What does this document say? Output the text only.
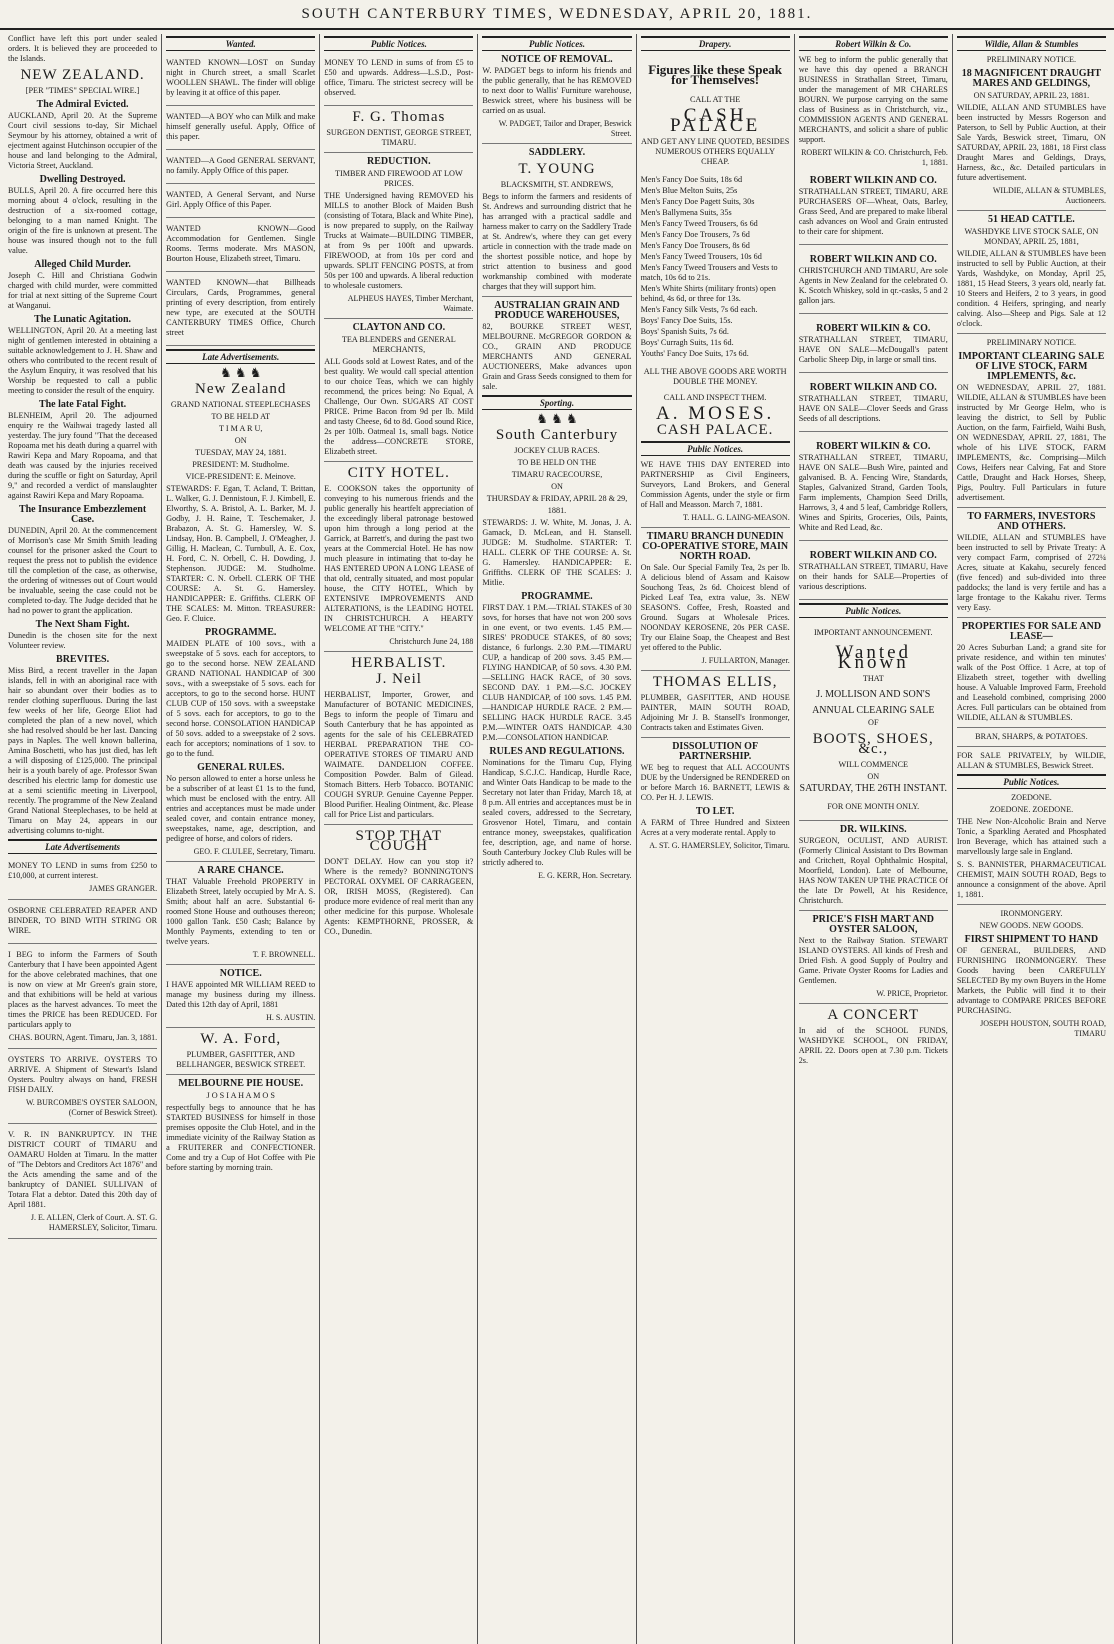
SOUTH CANTERBURY TIMES, WEDNESDAY, APRIL 20, 1881.

Conflict have left this port under sealed orders. It is believed they are proceeded to the Islands.

NEW ZEALAND.
[PER "TIMES" SPECIAL WIRE.]
The Admiral Evicted.

AUCKLAND, April 20. At the Supreme Court civil sessions to-day, Sir Michael Seymour by his attorney, obtained a writ of ejectment against Hutchinson occupier of the house and land belonging to the Admiral, Victoria Street, Auckland.

Dwelling Destroyed.

BULLS, April 20. A fire occurred here this morning about 4 o'clock, resulting in the destruction of a six-roomed cottage, belonging to a man named Knight. The origin of the fire is unknown at present. The house was insured though not to the full value.

Alleged Child Murder.

Joseph C. Hill and Christiana Godwin charged with child murder, were committed for trial at next sitting of the Supreme Court at Wanganui.

The Lunatic Agitation.

WELLINGTON, April 20. At a meeting last night of gentlemen interested in obtaining a suitable acknowledgement to J. H. Shaw and others who contributed to the recent result of the Asylum Enquiry, it was resolved that his Worship be requested to call a public meeting to consider the result of the enquiry.

The late Fatal Fight.

BLENHEIM, April 20. The adjourned enquiry re the Waihwai tragedy lasted all yesterday. The jury found "That the deceased Ropoama met his death during a quarrel with Rawiri Kepa and Mary Ropoama, and that death was caused by the injuries received during the scuffle or fight on Saturday, April 9," and recorded a verdict of manslaughter against Rawiri Kepa and Mary Ropoama.

The Insurance Embezzlement Case.

DUNEDIN, April 20. At the commencement of Morrison's case Mr Smith Smith leading counsel for the prisoner asked the Court to request the press not to publish the evidence till the completion of the case, as otherwise, the ordering of witnesses out of Court would be invaluable, seeing the case could not be completed to-day. The Judge decided that he had no power to grant the application.

The Next Sham Fight.

Dunedin is the chosen site for the next Volunteer review.

BREVITES.

Miss Bird, a recent traveller in the Japan islands, fell in with an aboriginal race with hair so abundant over their bodies as to render clothing superfluous. During the last few weeks of her life, George Eliot had completed the plan of a new novel, which she had resolved should be her last. Dancing pays in Naples. The well known ballerina, Amina Boschetti, who has just died, has left a will disposing of £125,000. The principal heir is a youth barely of age. Professor Swan described his electric lamp for domestic use at a semi scientific meeting in Liverpool, recently. The programme of the New Zealand Grand National Steeplechases, to be held at Timaru on May 24, appears in our advertising columns to-night.

Late Advertisements

MONEY TO LEND in sums from £250 to £10,000, at current interest.

JAMES GRANGER.

OSBORNE CELEBRATED REAPER AND BINDER, TO BIND WITH STRING OR WIRE.

I BEG to inform the Farmers of South Canterbury that I have been appointed Agent for the above celebrated machines, that one is now on view at Mr Green's grain store, and that exhibitions will be held at various places as the harvest advances. To meet the times the PRICE has been REDUCED. For particulars apply to

CHAS. BOURN, Agent. Timaru, Jan. 3, 1881.

OYSTERS TO ARRIVE. OYSTERS TO ARRIVE. A Shipment of Stewart's Island Oysters. Poultry always on hand, FRESH FISH DAILY.

W. BURCOMBE'S OYSTER SALOON, (Corner of Beswick Street).

V. R. IN BANKRUPTCY. IN THE DISTRICT COURT of TIMARU and OAMARU Holden at Timaru. In the matter of "The Debtors and Creditors Act 1876" and the Acts amending the same and of the bankruptcy of DANIEL SULLIVAN of Totara Flat a debtor. Dated this 20th day of April 1881.

J. E. ALLEN, Clerk of Court. A. ST. G. HAMERSLEY, Solicitor, Timaru.
Wanted.

WANTED KNOWN—LOST on Sunday night in Church street, a small Scarlet WOOLLEN SHAWL. The finder will oblige by leaving it at office of this paper.

WANTED—A BOY who can Milk and make himself generally useful. Apply, Office of this paper.

WANTED—A Good GENERAL SERVANT, no family. Apply Office of this paper.

WANTED, A General Servant, and Nurse Girl. Apply Office of this Paper.

WANTED KNOWN—Good Accommodation for Gentlemen. Single Rooms. Terms moderate. Mrs MASON, Bourton House, Elizabeth street, Timaru.

WANTED KNOWN—that Billheads Circulars, Cards, Programmes, general printing of every description, from entirely new type, are executed at the SOUTH CANTERBURY TIMES Office, Church street

Late Advertisements.
♞ ♞ ♞
New Zealand
GRAND NATIONAL STEEPLECHASES
TO BE HELD AT
T I M A R U,
ON
TUESDAY, MAY 24, 1881.
PRESIDENT: M. Studholme.
VICE-PRESIDENT: E. Meinove.

STEWARDS: F. Egan, T. Acland, T. Brittan, L. Walker, G. J. Dennistoun, F. J. Kimbell, E. Elworthy, S. A. Bristol, A. L. Barker, M. J. Godby, J. H. Raine, T. Teschemaker, J. Brabazon, A. St. G. Hamersley, W. S. Lindsay, Hon. B. Campbell, J. O'Meagher, J. Gillig, H. Maclean, C. Turnbull, A. E. Cox, H. Ford, C. N. Orbell, C. H. Dowding, J. Stephenson. JUDGE: M. Studholme. STARTER: C. N. Orbell. CLERK OF THE COURSE: A. St. G. Hamersley. HANDICAPPER: E. Griffiths. CLERK OF THE SCALES: M. Mitton. TREASURER: Geo. F. Cluice.

PROGRAMME.

MAIDEN PLATE of 100 sovs., with a sweepstake of 5 sovs. each for acceptors, to go to the second horse. NEW ZEALAND GRAND NATIONAL HANDICAP of 300 sovs., with a sweepstake of 5 sovs. each for acceptors, to go to the second horse. HUNT CLUB CUP of 150 sovs. with a sweepstake of 5 sovs. each for acceptors, to go to the second horse. CONSOLATION HANDICAP of 50 sovs. added to a sweepstake of 2 sovs. each for acceptors; nominations of 1 sov. to go to the fund.

GENERAL RULES.

No person allowed to enter a horse unless he be a subscriber of at least £1 1s to the fund, which must be enclosed with the entry. All entries and acceptances must be made under sealed cover, and contain entrance money, sweepstakes, name, age, description, and pedigree of horse, and colors of riders.

GEO. F. CLULEE, Secretary, Timaru.
A RARE CHANCE.

THAT Valuable Freehold PROPERTY in Elizabeth Street, lately occupied by Mr A. S. Smith; about half an acre. Substantial 6-roomed Stone House and outhouses thereon; 1000 gallon Tank. £50 Cash; Balance by Monthly Payments, extending to ten or twelve years.

T. F. BROWNELL.
NOTICE.

I HAVE appointed MR WILLIAM REED to manage my business during my illness. Dated this 12th day of April, 1881

H. S. AUSTIN.
W. A. Ford,
PLUMBER, GASFITTER, AND BELLHANGER, BESWICK STREET.
MELBOURNE PIE HOUSE.
J O S I A H A M O S

respectfully begs to announce that he has STARTED BUSINESS for himself in those premises opposite the Club Hotel, and in the immediate vicinity of the Railway Station as a FRUITERER and CONFECTIONER. Come and try a Cup of Hot Coffee with Pie before starting by morning train.

Public Notices.

MONEY TO LEND in sums of from £5 to £50 and upwards. Address—L.S.D., Post-office, Timaru. The strictest secrecy will be observed.

F. G. Thomas
SURGEON DENTIST, GEORGE STREET, TIMARU.
REDUCTION.
TIMBER AND FIREWOOD AT LOW PRICES.

THE Undersigned having REMOVED his MILLS to another Block of Maiden Bush (consisting of Totara, Black and White Pine), is now prepared to supply, on the Railway Trucks at Waimate—BUILDING TIMBER, at from 9s per 100ft and upwards. FIREWOOD, at from 10s per cord and upwards. SPLIT FENCING POSTS, at from 50s per 100 and upwards. A liberal reduction to wholesale customers.

ALPHEUS HAYES, Timber Merchant, Waimate.
CLAYTON AND CO.
TEA BLENDERS and GENERAL MERCHANTS,

ALL Goods sold at Lowest Rates, and of the best quality. We would call special attention to our choice Teas, which we can highly recommend, the prices being: No Equal, A Challenge, Our Own. SUGARS AT COST PRICE. Prime Bacon from 9d per lb. Mild and tasty Cheese, 6d to 8d. Good sound Rice, 2s per 10lb. Oatmeal 1s, small bags. Notice the address—CONCRETE STORE, Elizabeth street.

CITY HOTEL.

E. COOKSON takes the opportunity of conveying to his numerous friends and the public generally his heartfelt appreciation of the exceedingly liberal patronage bestowed upon him through a long period at the Garrick, at Barrett's, and during the past two years at the Commercial Hotel. He has now much pleasure in intimating that to-day he HAS ENTERED UPON A LONG LEASE of that old, centrally situated, and most popular house, the CITY HOTEL, Which by EXTENSIVE IMPROVEMENTS AND ALTERATIONS, is the LEADING HOTEL IN CHRISTCHURCH. A HEARTY WELCOME AT THE "CITY."

Christchurch June 24, 188
HERBALIST.
J. Neil

HERBALIST, Importer, Grower, and Manufacturer of BOTANIC MEDICINES, Begs to inform the people of Timaru and South Canterbury that he has appointed as agents for the sale of his CELEBRATED HERBAL PREPARATION THE CO-OPERATIVE STORES OF TIMARU AND WAIMATE. DANDELION COFFEE. Composition Powder. Balm of Gilead. Stomach Bitters. Herb Tobacco. BOTANIC COUGH SYRUP. Genuine Cayenne Pepper. Blood Purifier. Healing Ointment, &c. Please call for Price List and particulars.

STOP THAT COUGH

DON'T DELAY. How can you stop it? Where is the remedy? BONNINGTON'S PECTORAL OXYMEL OF CARRAGEEN, OR, IRISH MOSS, (Registered). Can produce more evidence of real merit than any other medicine for this purpose. Wholesale Agents: KEMPTHORNE, PROSSER, & CO., Dunedin.

Public Notices.
NOTICE OF REMOVAL.

W. PADGET begs to inform his friends and the public generally, that he has REMOVED to next door to Wallis' Furniture warehouse, Beswick street, where his business will be carried on as usual.

W. PADGET, Tailor and Draper, Beswick Street.
SADDLERY.
T. YOUNG
BLACKSMITH, ST. ANDREWS,

Begs to inform the farmers and residents of St. Andrews and surrounding district that he has arranged with a practical saddle and harness maker to carry on the Saddlery Trade at St. Andrew's, where they can get every article in connection with the trade made on the shortest possible notice, and hope by strict attention to business and good workmanship combined with moderate charges that they will support him.

AUSTRALIAN GRAIN AND PRODUCE WAREHOUSES,

82, BOURKE STREET WEST, MELBOURNE. McGREGOR GORDON & CO., GRAIN AND PRODUCE MERCHANTS AND GENERAL AUCTIONEERS, Make advances upon Grain and Grass Seeds consigned to them for sale.

Sporting.
♞ ♞ ♞
South Canterbury
JOCKEY CLUB RACES.
TO BE HELD ON THE
TIMARU RACECOURSE,
ON
THURSDAY & FRIDAY, APRIL 28 & 29,
1881.

STEWARDS: J. W. White, M. Jonas, J. A. Gamack, D. McLean, and H. Stansell. JUDGE: M. Studholme. STARTER: T. HALL. CLERK OF THE COURSE: A. St. G. Hamersley. HANDICAPPER: E. Griffiths. CLERK OF THE SCALES: J. Mitlie.

PROGRAMME.

FIRST DAY. 1 P.M.—TRIAL STAKES of 30 sovs, for horses that have not won 200 sovs in one event, or two events. 1.45 P.M.—SIRES' PRODUCE STAKES, of 80 sovs; distance, 6 furlongs. 2.30 P.M.—TIMARU CUP, a handicap of 200 sovs. 3.45 P.M.—FLYING HANDICAP, of 50 sovs. 4.30 P.M.—SELLING HACK RACE, of 30 sovs. SECOND DAY. 1 P.M.—S.C. JOCKEY CLUB HANDICAP, of 100 sovs. 1.45 P.M.—HANDICAP HURDLE RACE. 2 P.M.—SELLING HACK HURDLE RACE. 3.45 P.M.—WINTER OATS HANDICAP. 4.30 P.M.—CONSOLATION HANDICAP.

RULES AND REGULATIONS.

Nominations for the Timaru Cup, Flying Handicap, S.C.J.C. Handicap, Hurdle Race, and Winter Oats Handicap to be made to the Secretary not later than Friday, March 18, at 8 p.m. All entries and acceptances must be in sealed covers, addressed to the Secretary, Grosvenor Hotel, Timaru, and contain entrance money, sweepstakes, qualification fee, description, age, and name of horse. South Canterbury Jockey Club Rules will be strictly adhered to.

E. G. KERR, Hon. Secretary.
Drapery.
Figures like these Speak for Themselves!
CALL AT THE
CASH PALACE
AND GET ANY LINE QUOTED, BESIDES NUMEROUS OTHERS EQUALLY CHEAP.
Men's Fancy Doe Suits, 18s 6d
Men's Blue Melton Suits, 25s
Men's Fancy Doe Pagett Suits, 30s
Men's Ballymena Suits, 35s
Men's Fancy Tweed Trousers, 6s 6d
Men's Fancy Doe Trousers, 7s 6d
Men's Fancy Doe Trousers, 8s 6d
Men's Fancy Tweed Trousers, 10s 6d
Men's Fancy Tweed Trousers and Vests to match, 10s 6d to 21s.
Men's White Shirts (military fronts) open behind, 4s 6d, or three for 13s.
Men's Fancy Silk Vests, 7s 6d each.
Boys' Fancy Doe Suits, 15s.
Boys' Spanish Suits, 7s 6d.
Boys' Curragh Suits, 11s 6d.
Youths' Fancy Doe Suits, 17s 6d.
ALL THE ABOVE GOODS ARE WORTH DOUBLE THE MONEY.
CALL AND INSPECT THEM.
A. MOSES.
CASH PALACE.
Public Notices.

WE HAVE THIS DAY ENTERED into PARTNERSHIP as Civil Engineers, Surveyors, Land Brokers, and General Commission Agents, under the style or firm of Hall and Measson. March 7, 1881.

T. HALL. G. LAING-MEASON.
TIMARU BRANCH DUNEDIN CO-OPERATIVE STORE, MAIN NORTH ROAD.

On Sale. Our Special Family Tea, 2s per lb. A delicious blend of Assam and Kaisow Souchong Teas, 2s 6d. Choicest blend of Picked Leaf Tea, extra value, 3s. NEW SEASON'S. Coffee, Fresh, Roasted and Ground. Sugars at Wholesale Prices. NOONDAY KEROSENE, 20s PER CASE. Try our Elaine Soap, the Cheapest and Best yet offered to the Public.

J. FULLARTON, Manager.
THOMAS ELLIS,

PLUMBER, GASFITTER, AND HOUSE PAINTER, MAIN SOUTH ROAD, Adjoining Mr J. B. Stansell's Ironmonger, Contracts taken and Estimates Given.

DISSOLUTION OF PARTNERSHIP.

WE beg to request that ALL ACCOUNTS DUE by the Undersigned be RENDERED on or before March 16. BARNETT, LEWIS & CO. Per H. J. LEWIS.

TO LET.

A FARM of Three Hundred and Sixteen Acres at a very moderate rental. Apply to

A. ST. G. HAMERSLEY, Solicitor, Timaru.
Robert Wilkin & Co.

WE beg to inform the public generally that we have this day opened a BRANCH BUSINESS in Strathallan Street, Timaru, under the management of MR CHARLES BOURN. We purpose carrying on the same class of Business as in Christchurch, viz., COMMISSION AGENTS AND GENERAL MERCHANTS, and solicit a share of public support.

ROBERT WILKIN & CO. Christchurch, Feb. 1, 1881.
ROBERT WILKIN AND CO.

STRATHALLAN STREET, TIMARU, ARE PURCHASERS OF—Wheat, Oats, Barley, Grass Seed, And are prepared to make liberal cash advances on Wool and Grain entrusted to their care for shipment.

ROBERT WILKIN AND CO.

CHRISTCHURCH AND TIMARU, Are sole Agents in New Zealand for the celebrated O. K. Scotch Whiskey, sold in qr.-casks, 5 and 2 gallon jars.

ROBERT WILKIN & CO.

STRATHALLAN STREET, TIMARU, HAVE ON SALE—McDougall's patent Carbolic Sheep Dip, in large or small tins.

ROBERT WILKIN AND CO.

STRATHALLAN STREET, TIMARU, HAVE ON SALE—Clover Seeds and Grass Seeds of all descriptions.

ROBERT WILKIN & CO.

STRATHALLAN STREET, TIMARU, HAVE ON SALE—Bush Wire, painted and galvanised. B. A. Fencing Wire, Standards, Staples, Galvanized Strand, Garden Tools, Farm implements, Champion Seed Drills, Harrows, 3, 4 and 5 leaf, Cambridge Rollers, Wines and Spirits, Groceries, Oils, Paints, White and Red Lead, &c.

ROBERT WILKIN AND CO.

STRATHALLAN STREET, TIMARU, Have on their hands for SALE—Properties of various descriptions.

Public Notices.
IMPORTANT ANNOUNCEMENT.
Wanted Known
THAT
J. MOLLISON AND SON'S
ANNUAL CLEARING SALE
OF
BOOTS, SHOES, &c.,
WILL COMMENCE
ON
SATURDAY, THE 26TH INSTANT.
FOR ONE MONTH ONLY.
DR. WILKINS.

SURGEON, OCULIST, AND AURIST. (Formerly Clinical Assistant to Drs Bowman and Critchett, Royal Ophthalmic Hospital, Moorfield, London). Late of Melbourne, HAS NOW TAKEN UP THE PRACTICE Of the late Dr Powell, At his Residence, Christchurch.

PRICE'S FISH MART AND OYSTER SALOON,

Next to the Railway Station. STEWART ISLAND OYSTERS. All kinds of Fresh and Dried Fish. A good Supply of Poultry and Game. Private Oyster Rooms for Ladies and Gentlemen.

W. PRICE, Proprietor.
A CONCERT

In aid of the SCHOOL FUNDS, WASHDYKE SCHOOL, ON FRIDAY, APRIL 22. Doors open at 7.30 p.m. Tickets 2s.

Wildie, Allan & Stumbles
PRELIMINARY NOTICE.
18 MAGNIFICENT DRAUGHT MARES AND GELDINGS,
ON SATURDAY, APRIL 23, 1881.

WILDIE, ALLAN AND STUMBLES have been instructed by Messrs Rogerson and Paterson, to Sell by Public Auction, at their Sale Yards, Beswick street, Timaru, ON SATURDAY, APRIL 23, 1881, 18 First class Draught Mares and Geldings, Drays, Harness, &c., &c. Detailed particulars in future advertisement.

WILDIE, ALLAN & STUMBLES, Auctioneers.
51 HEAD CATTLE.
WASHDYKE LIVE STOCK SALE, ON MONDAY, APRIL 25, 1881,

WILDIE, ALLAN & STUMBLES have been instructed to sell by Public Auction, at their Yards, Washdyke, on Monday, April 25, 1881, 15 Head Steers, 3 years old, nearly fat. 10 Steers and Heifers, 2 to 3 years, in good condition. 4 Heifers, springing, and nearly calving. Also—Sheep and Pigs. Sale at 12 o'clock.

PRELIMINARY NOTICE.
IMPORTANT CLEARING SALE OF LIVE STOCK, FARM IMPLEMENTS, &c.

ON WEDNESDAY, APRIL 27, 1881. WILDIE, ALLAN & STUMBLES have been instructed by Mr George Helm, who is leaving the district, to Sell by Public Auction, on the farm, Fairfield, Waihi Bush, ON WEDNESDAY, APRIL 27, 1881, The whole of his LIVE STOCK, FARM IMPLEMENTS, &c. Comprising—Milch Cows, Heifers near Calving, Fat and Store Cattle, Draught and Hack Horses, Sheep, Pigs, Poultry. Full Particulars in future advertisement.

TO FARMERS, INVESTORS AND OTHERS.

WILDIE, ALLAN and STUMBLES have been instructed to sell by Private Treaty: A very compact Farm, comprised of 272¼ Acres, situate at Kakahu, securely fenced (five fenced) and sub-divided into three paddocks; the land is very fertile and has a large frontage to the Kakahu river. Terms very Easy.

PROPERTIES FOR SALE AND LEASE—

20 Acres Suburban Land; a grand site for private residence, and within ten minutes' walk of the Post Office. 1 Acre, at top of Elizabeth street, together with dwelling house. A Valuable Improved Farm, Freehold and Leasehold combined, comprising 2000 Acres. Full particulars can be obtained from WILDIE, ALLAN & STUMBLES.

BRAN, SHARPS, & POTATOES.

FOR SALE PRIVATELY, by WILDIE, ALLAN & STUMBLES, Beswick Street.

Public Notices.
ZOEDONE.
ZOEDONE. ZOEDONE.

THE New Non-Alcoholic Brain and Nerve Tonic, a Sparkling Aerated and Phosphated Iron Beverage, which has attained such a marvellously large sale in England.

S. S. BANNISTER, PHARMACEUTICAL CHEMIST, MAIN SOUTH ROAD, Begs to announce a consignment of the above. April 1, 1881.

IRONMONGERY.
NEW GOODS. NEW GOODS.
FIRST SHIPMENT TO HAND

OF GENERAL, BUILDERS, AND FURNISHING IRONMONGERY. These Goods having been CAREFULLY SELECTED By my own Buyers in the Home Markets, the Public will find it to their advantage to COMPARE PRICES BEFORE PURCHASING.

JOSEPH HOUSTON, SOUTH ROAD, TIMARU
